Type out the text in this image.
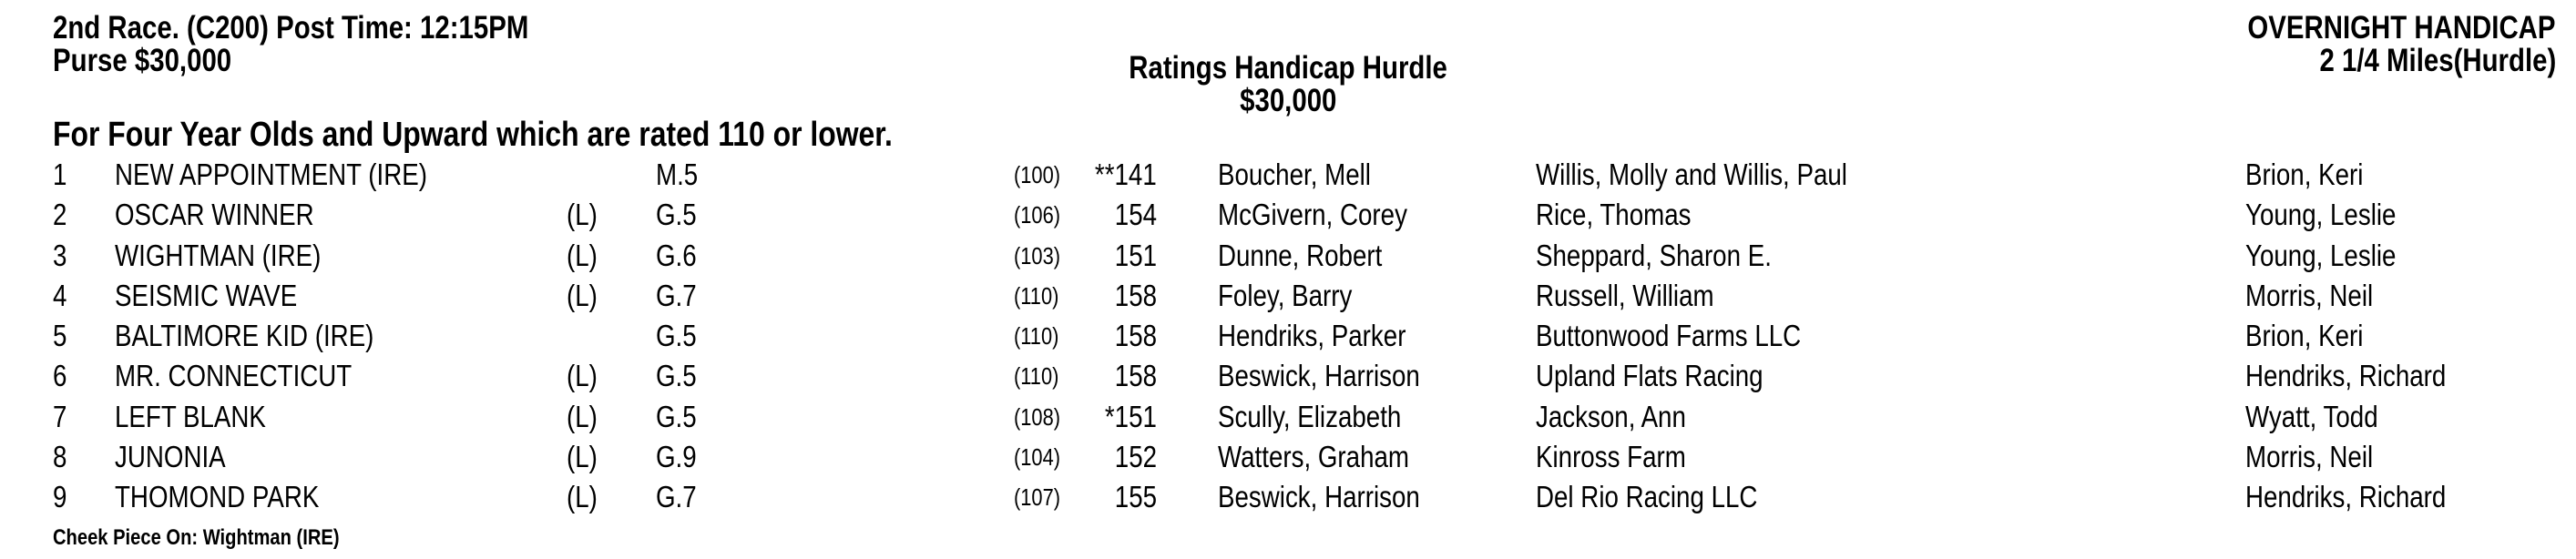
2nd Race. (C200) Post Time: 12:15PM
Purse $30,000	Ratings Handicap Hurdle
$30,000
OVERNIGHT HANDICAP
2 1/4 Miles(Hurdle)
For Four Year Olds and Upward which are rated 110 or lower.
1 NEW APPOINTMENT (IRE)	M.5	(100)	**141 Boucher, Mell	Willis, Molly and Willis, Paul	Brion, Keri
2 OSCAR WINNER	(L) G.5	(106) 154 McGivern, Corey	Rice, Thomas	Young, Leslie
3 WIGHTMAN (IRE)	(L) G.6	(103) 151 Dunne, Robert	Sheppard, Sharon E.	Young, Leslie
4 SEISMIC WAVE	(L) G.7	(110) 158 Foley, Barry	Russell, William	Morris, Neil
5 BALTIMORE KID (IRE)	G.5	(110) 158 Hendriks, Parker	Buttonwood Farms LLC	Brion, Keri
6 MR. CONNECTICUT	(L) G.5	(110) 158 Beswick, Harrison	Upland Flats Racing	Hendriks, Richard
7 LEFT BLANK	(L) G.5	(108)	*151 Scully, Elizabeth	Jackson, Ann	Wyatt, Todd
8 JUNONIA	(L) G.9	(104) 152 Watters, Graham	Kinross Farm	Morris, Neil
9 THOMOND PARK	(L) G.7	(107) 155 Beswick, Harrison	Del Rio Racing LLC	Hendriks, Richard
Cheek Piece On: Wightman (IRE)
